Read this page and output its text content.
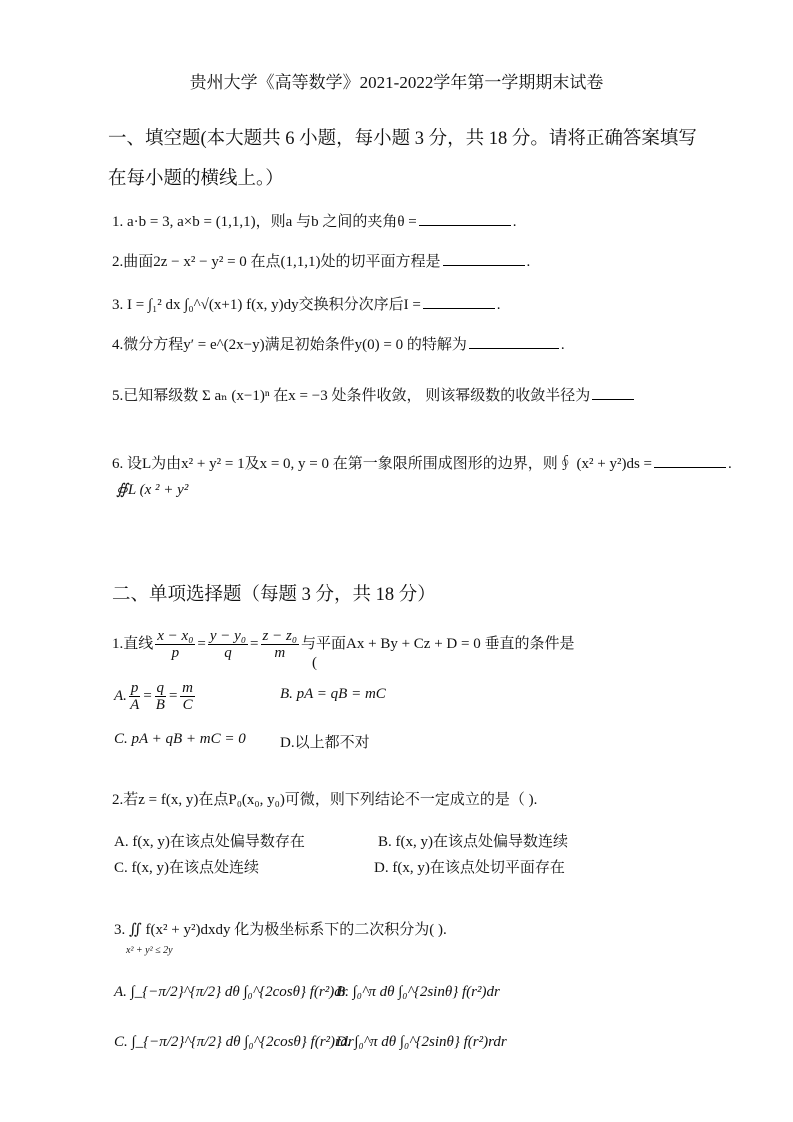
贵州大学《高等数学》2021-2022学年第一学期期末试卷
一、填空题(本大题共 6 小题，每小题 3 分，共 18 分。请将正确答案填写
在每小题的横线上。）
1. a·b = 3, a×b = (1,1,1)，则a 与b 之间的夹角θ =	.
2.曲面2z − x² − y² = 0 在点(1,1,1)处的切平面方程是	.
3. I = ∫₁² dx ∫₀^√(x+1) f(x, y)dy交换积分次序后I =	.
4.微分方程y′ = e^(2x−y)满足初始条件y(0) = 0 的特解为	.
5.已知幂级数 Σ aₙ (x−1)ⁿ 在x = −3 处条件收敛， 则该幂级数的收敛半径为
6. 设L为由x² + y² = 1及x = 0, y = 0 在第一象限所围成图形的边界，则∮ (x² + y²)ds =	.
∯L (x ² + y²
二、单项选择题（每题 3 分，共 18 分）
1.直线 $\frac{\text{x − x₀}}{p} = \frac{\text{y − y₀}}{q} = \frac{\text{z − z₀}}{m}$ 与平面Ax + By + Cz + D = 0 垂直的条件是
(
A. $\frac{p}{A} = \frac{q}{B} = \frac{m}{C}$	B. pA = qB = mC
C. pA + qB + mC = 0 D.以上都不对
2.若z = f(x, y)在点P₀(x₀, y₀)可微，则下列结论不一定成立的是（ ).
A. f(x, y)在该点处偏导数存在	B. f(x, y)在该点处偏导数连续
C. f(x, y)在该点处连续	D. f(x, y)在该点处切平面存在
3. ∬ f(x² + y²)dxdy 化为极坐标系下的二次积分为( ).
x² + y² ≤ 2y
A. ∫_{−π/2}^{π/2} dθ ∫₀^{2cosθ} f(r²)dr
B. ∫₀^π dθ ∫₀^{2sinθ} f(r²)dr
C. ∫_{−π/2}^{π/2} dθ ∫₀^{2cosθ} f(r²)rdr
D. ∫₀^π dθ ∫₀^{2sinθ} f(r²)rdr
